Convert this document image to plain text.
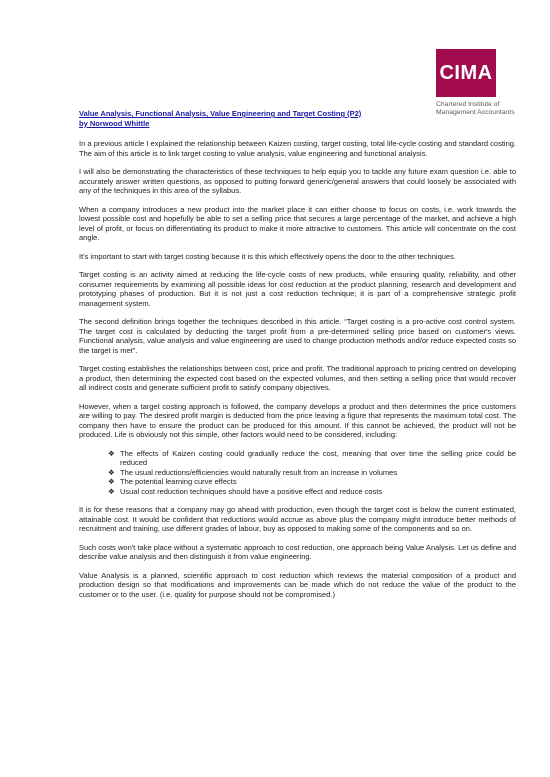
CIMA
Chartered Institute of
Management Accountants
Value Analysis, Functional Analysis, Value Engineering and Target Costing (P2)
by Norwood Whittle

In a previous article I explained the relationship between Kaizen costing, target costing, total life-cycle costing and standard costing. The aim of this article is to link target costing to value analysis, value engineering and functional analysis.

I will also be demonstrating the characteristics of these techniques to help equip you to tackle any future exam question i.e. able to accurately answer written questions, as opposed to putting forward generic/general answers that could loosely be associated with any of the techniques in this area of the syllabus.

When a company introduces a new product into the market place it can either choose to focus on costs, i.e. work towards the lowest possible cost and hopefully be able to set a selling price that secures a large percentage of the market, and achieve a high level of profit, or focus on differentiating its product to make it more attractive to customers. This article will concentrate on the cost angle.

It's important to start with target costing because it is this which effectively opens the door to the other techniques.

Target costing is an activity aimed at reducing the life-cycle costs of new products, while ensuring quality, reliability, and other consumer requirements by examining all possible ideas for cost reduction at the product planning, research and development and prototyping phases of production. But it is not just a cost reduction technique; it is part of a comprehensive strategic profit management system.

The second definition brings together the techniques described in this article. “Target costing is a pro-active cost control system. The target cost is calculated by deducting the target profit from a pre-determined selling price based on customer's views. Functional analysis, value analysis and value engineering are used to change production methods and/or reduce expected costs so the target is met”.

Target costing establishes the relationships between cost, price and profit. The traditional approach to pricing centred on developing a product, then determining the expected cost based on the expected volumes, and then setting a selling price that would recover all indirect costs and generate sufficient profit to satisfy company objectives.

However, when a target costing approach is followed, the company develops a product and then determines the price customers are willing to pay. The desired profit margin is deducted from the price leaving a figure that represents the maximum total cost. The company then have to ensure the product can be produced for this amount. If this cannot be achieved, the product will not be produced. Life is obviously not this simple, other factors would need to be considered, including:

❖ The effects of Kaizen costing could gradually reduce the cost, meaning that over time the selling price could be reduced
❖ The usual reductions/efficiencies would naturally result from an increase in volumes
❖ The potential learning curve effects
❖ Usual cost reduction techniques should have a positive effect and reduce costs

It is for these reasons that a company may go ahead with production, even though the target cost is below the current estimated, attainable cost. It would be confident that reductions would accrue as above plus the company might introduce better methods of recruitment and training, use different grades of labour, buy as opposed to making some of the components and so on.

Such costs won't take place without a systematic approach to cost reduction, one approach being Value Analysis. Let us define and describe value analysis and then distinguish it from value engineering.

Value Analysis is a planned, scientific approach to cost reduction which reviews the material composition of a product and production design so that modifications and improvements can be made which do not reduce the value of the product to the customer or to the user. (i.e. quality for purpose should not be compromised.)
